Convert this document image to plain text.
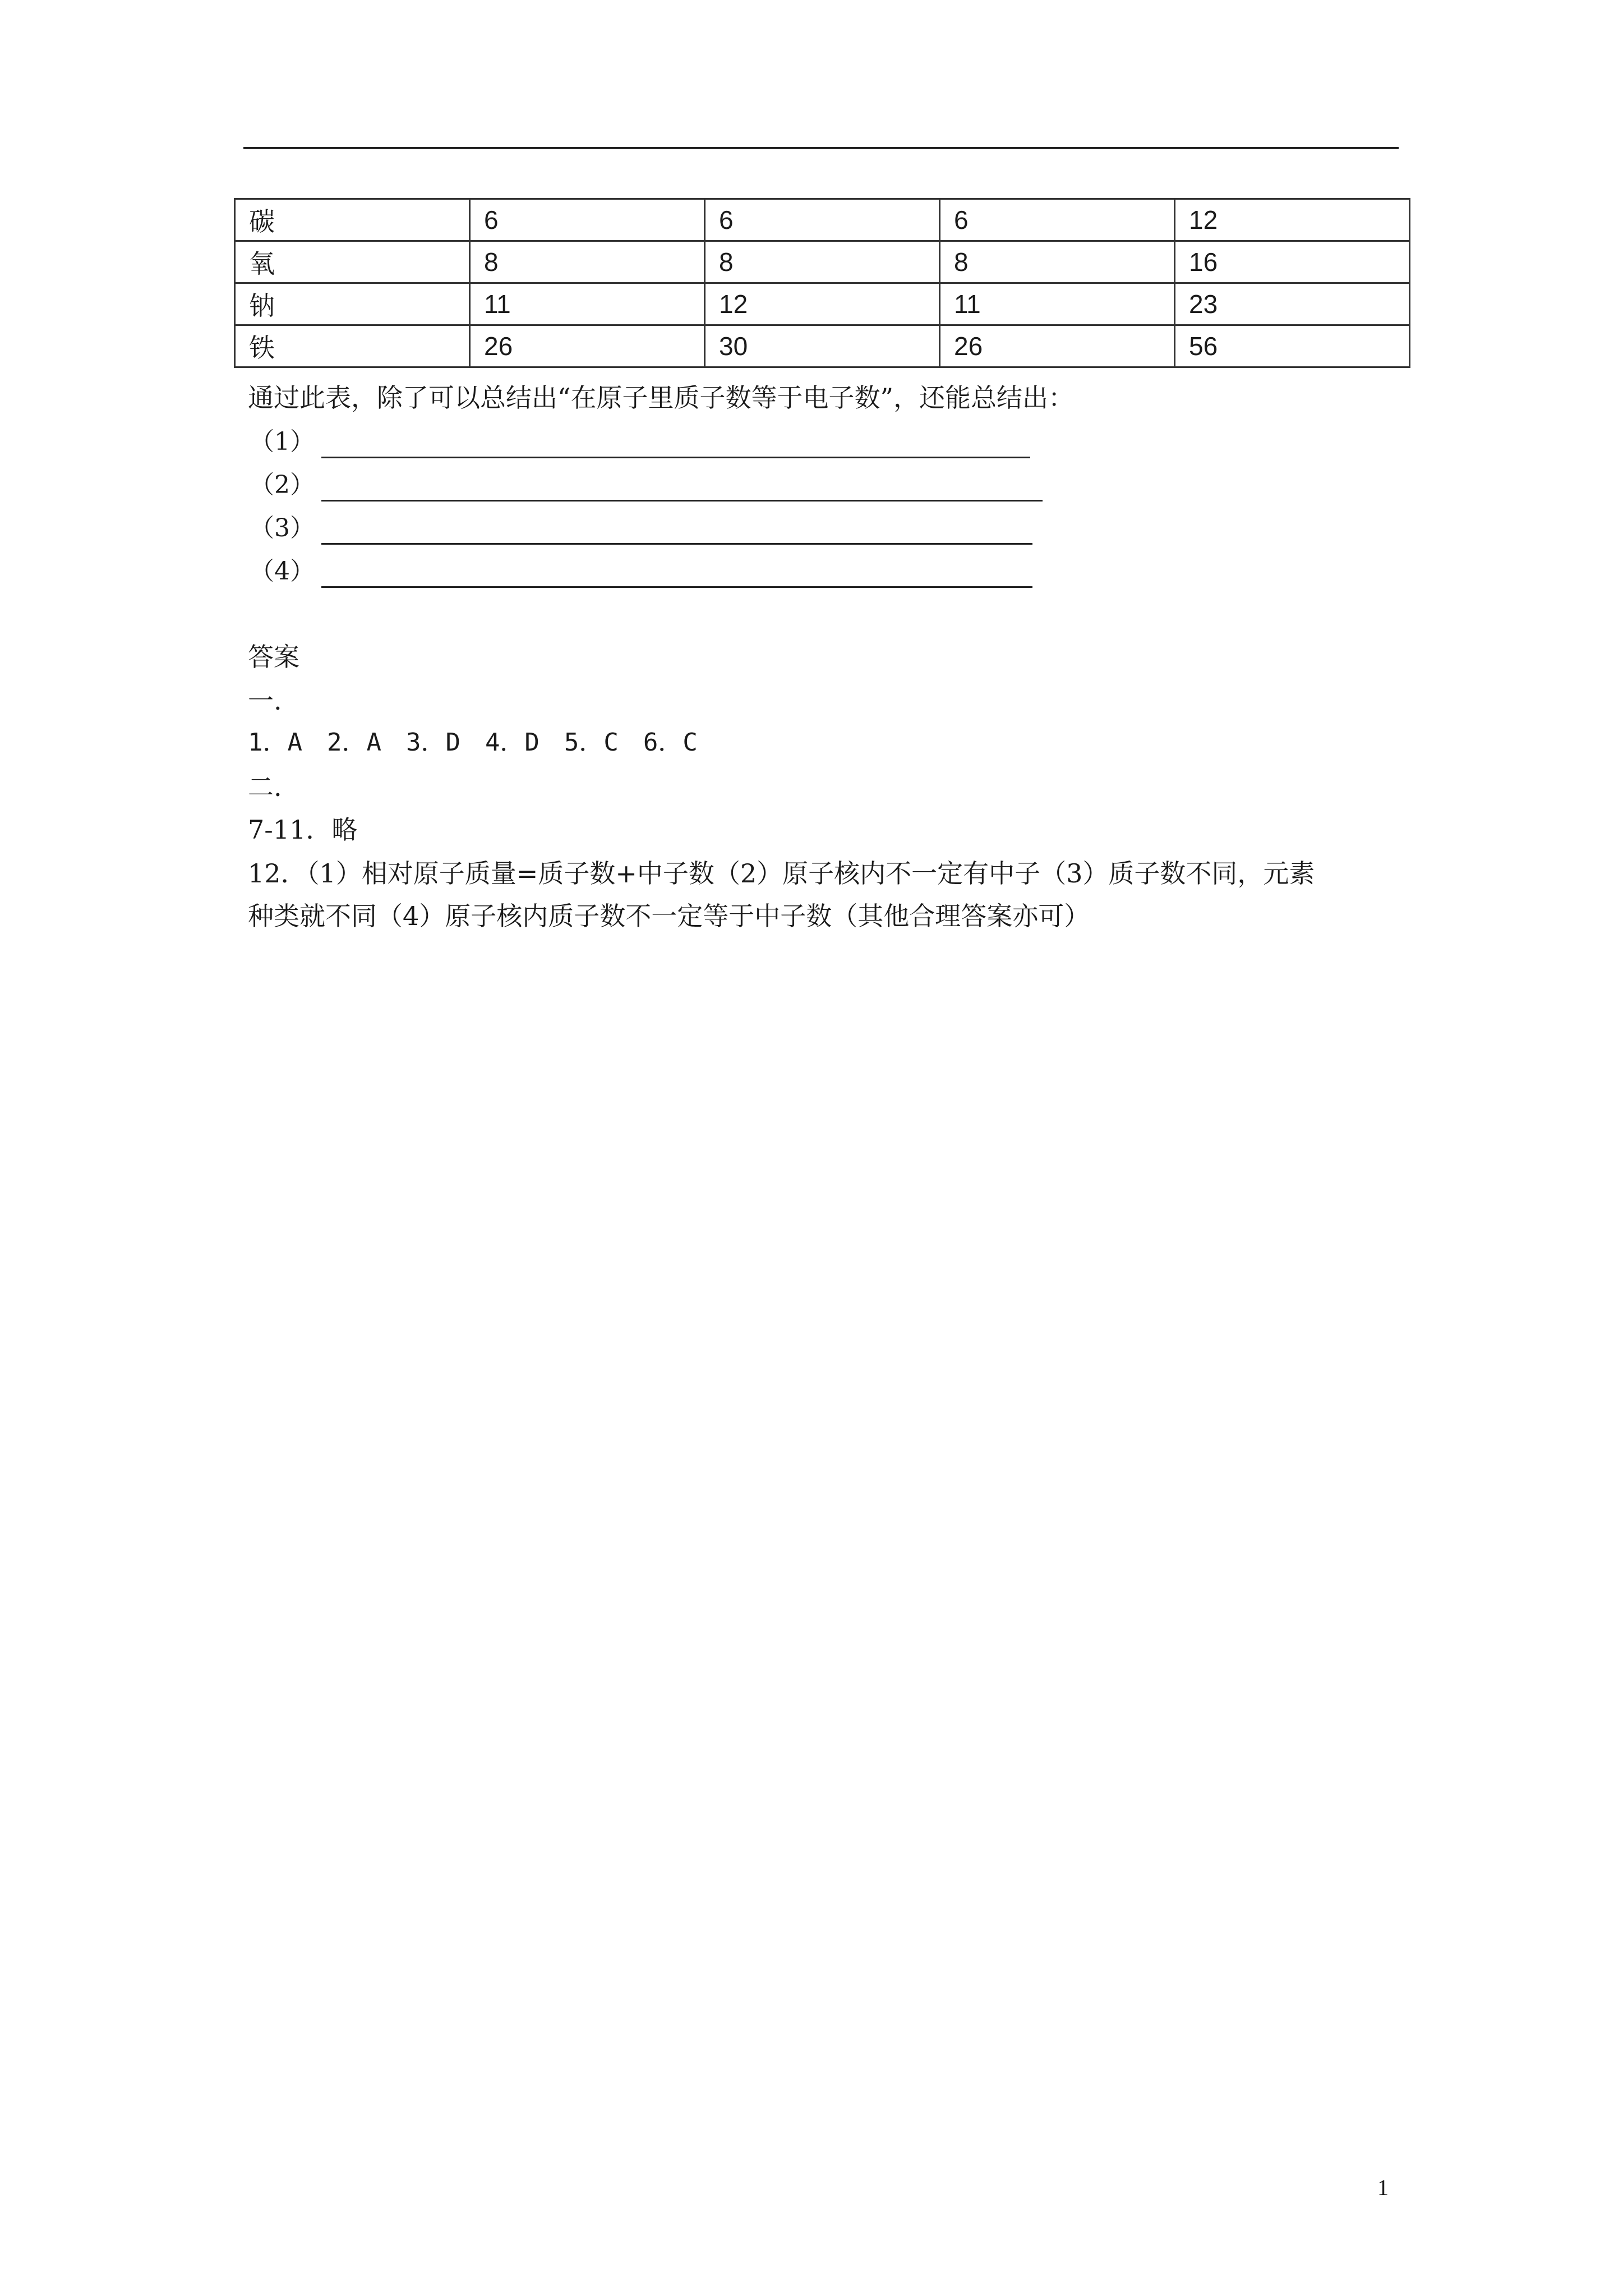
碳	6	6	6	12
氧	8	8	8	16
钠	11	12	11	23
铁	26	30	26	56
通过此表，除了可以总结出“在原子里质子数等于电子数”，还能总结出：
（1）
（2）
（3）
（4）
答案
一.
1．A　2．A　3．D　4．D　5．C　6．C
二.
7-11．略
12．（1）相对原子质量=质子数+中子数（2）原子核内不一定有中子（3）质子数不同，元素
种类就不同（4）原子核内质子数不一定等于中子数（其他合理答案亦可）
1
